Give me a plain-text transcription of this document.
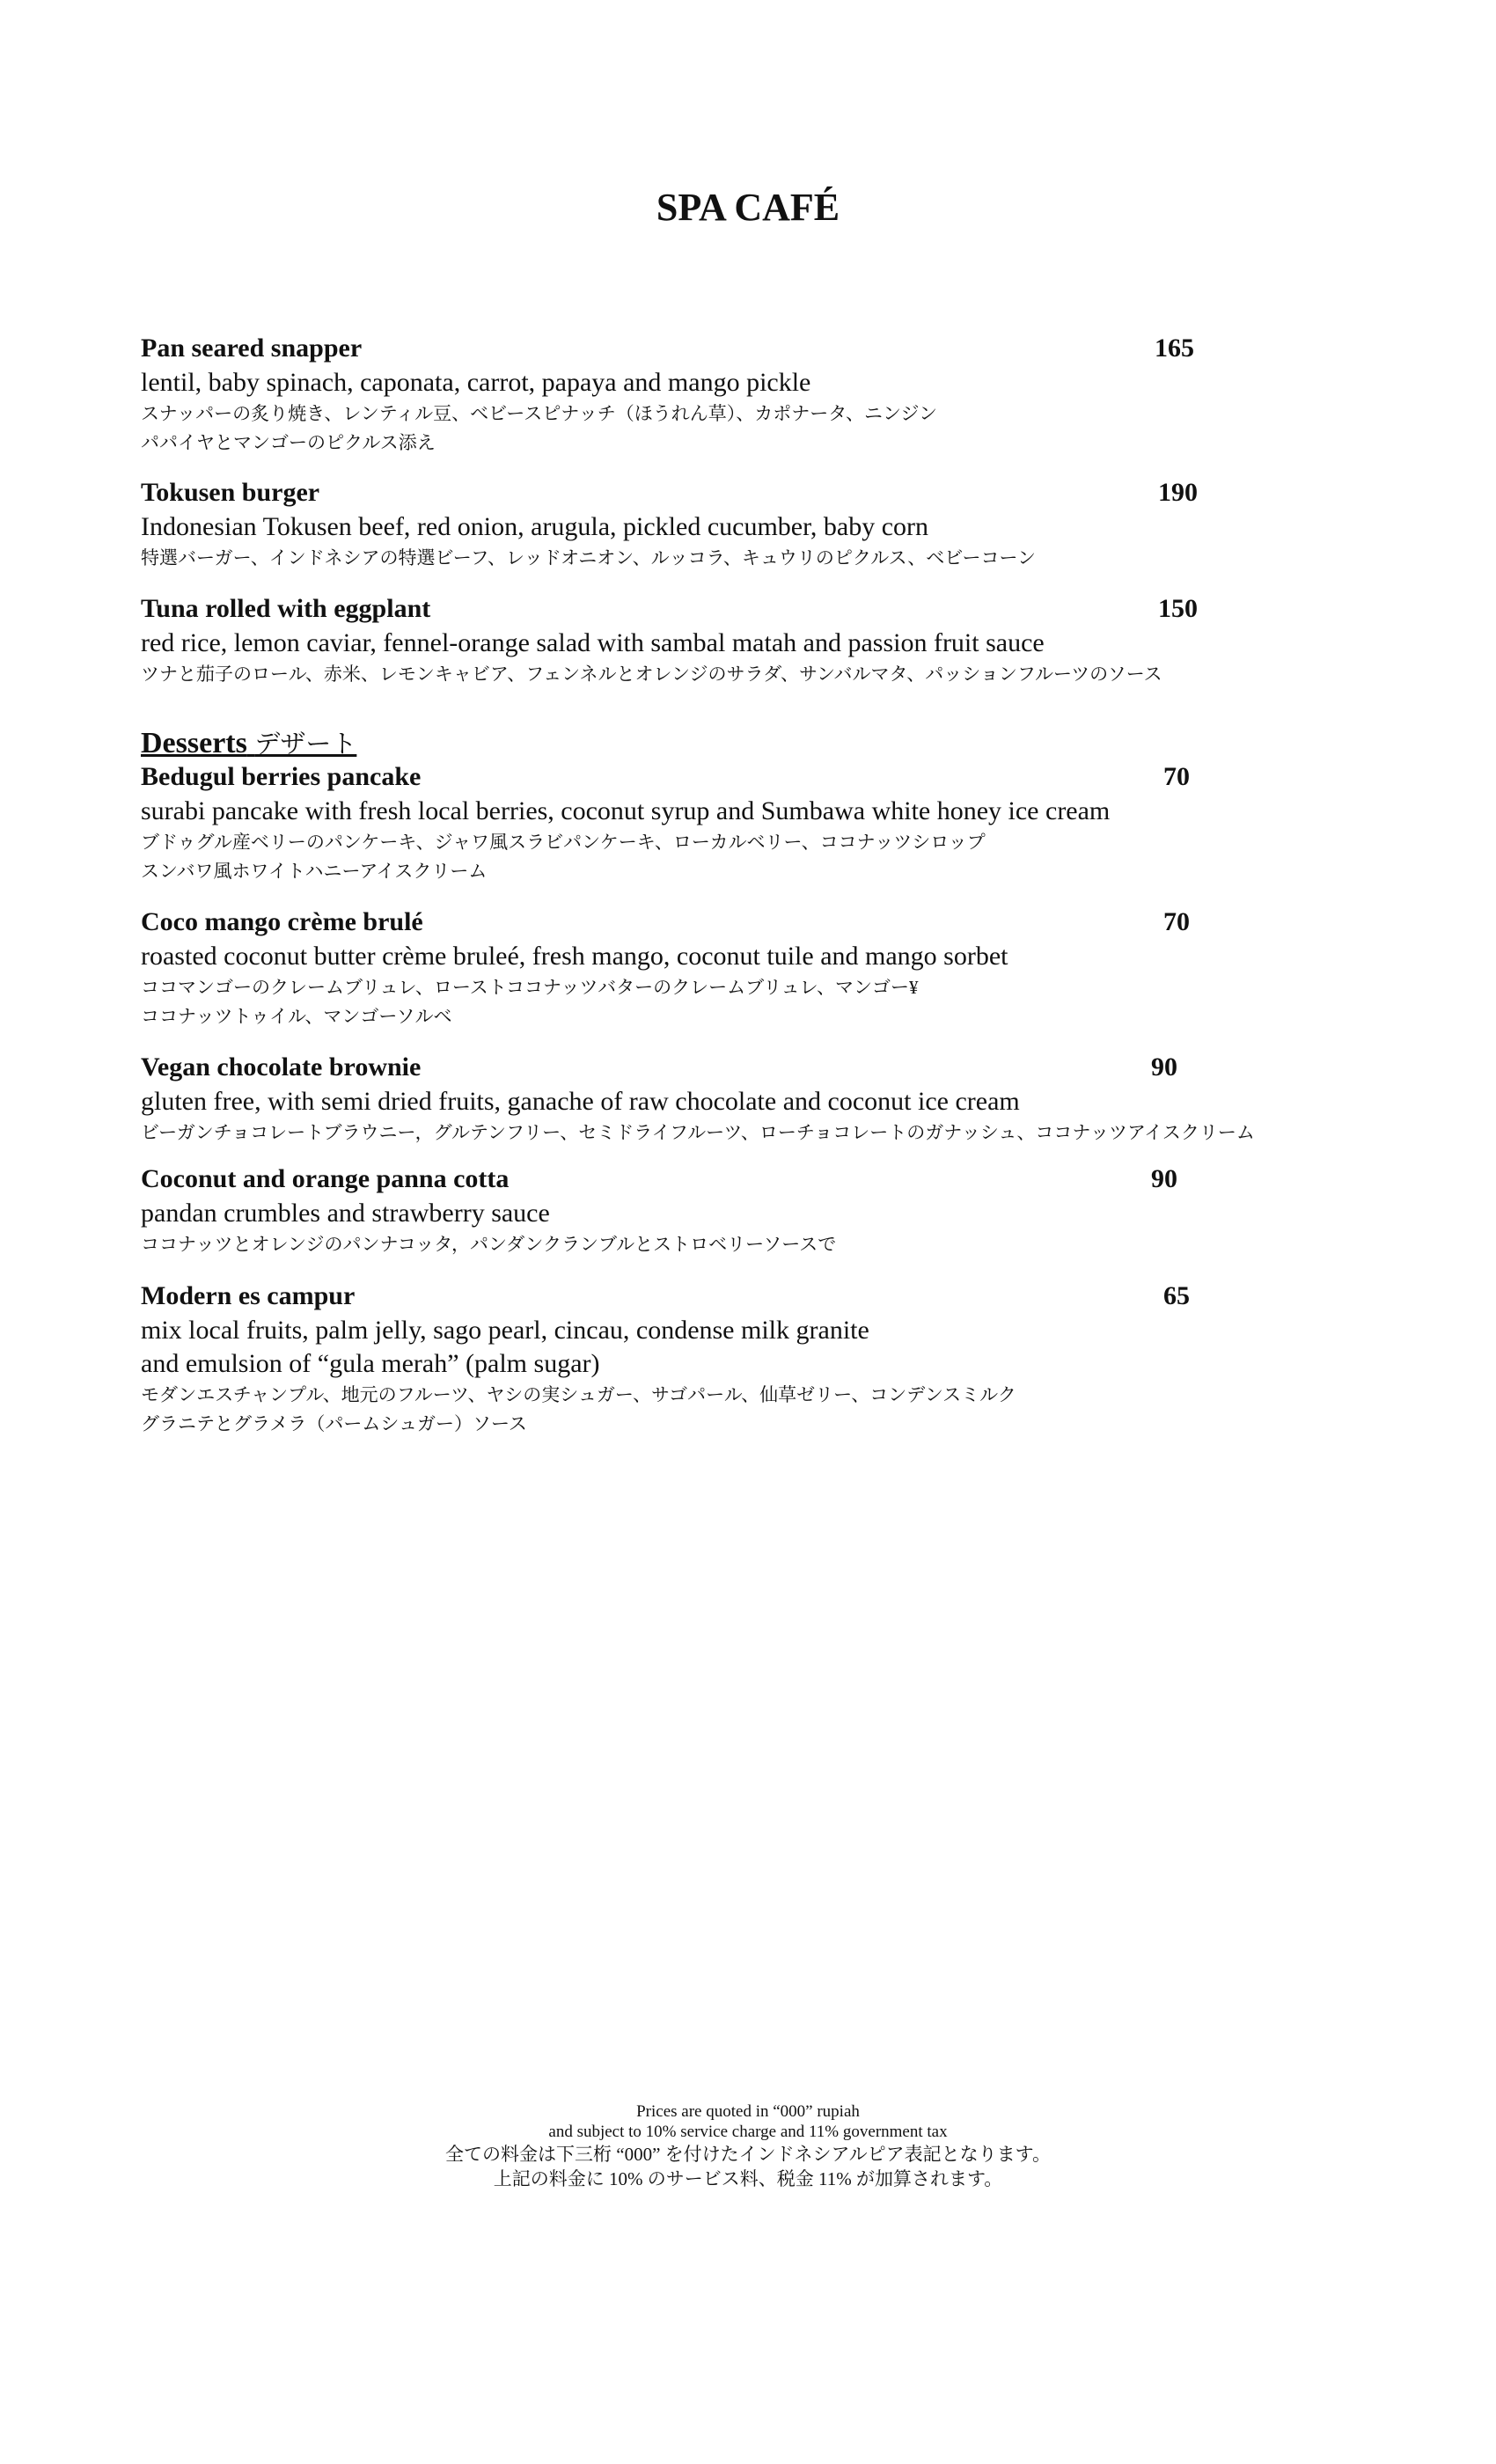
SPA CAFÉ
Pan seared snapper	165
lentil, baby spinach, caponata, carrot, papaya and mango pickle
スナッパーの炙り焼き、レンティル豆、ベビースピナッチ（ほうれん草）、カポナータ、ニンジン
パパイヤとマンゴーのピクルス添え
Tokusen burger	190
Indonesian Tokusen beef, red onion, arugula, pickled cucumber, baby corn
特選バーガー、インドネシアの特選ビーフ、レッドオニオン、ルッコラ、キュウリのピクルス、ベビーコーン
Tuna rolled with eggplant	150
red rice, lemon caviar, fennel-orange salad with sambal matah and passion fruit sauce
ツナと茄子のロール、赤米、レモンキャビア、フェンネルとオレンジのサラダ、サンバルマタ、パッションフルーツのソース
Desserts デザート
Bedugul berries pancake	70
surabi pancake with fresh local berries, coconut syrup and Sumbawa white honey ice cream
ブドゥグル産ベリーのパンケーキ、ジャワ風スラビパンケーキ、ローカルベリー、ココナッツシロップ
スンバワ風ホワイトハニーアイスクリーム
Coco mango crème brulé	70
roasted coconut butter crème bruleé, fresh mango, coconut tuile and mango sorbet
ココマンゴーのクレームブリュレ、ローストココナッツバターのクレームブリュレ、マンゴー¥
ココナッツトゥイル、マンゴーソルベ
Vegan chocolate brownie	90
gluten free, with semi dried fruits, ganache of raw chocolate and coconut ice cream
ビーガンチョコレートブラウニー，グルテンフリー、セミドライフルーツ、ローチョコレートのガナッシュ、ココナッツアイスクリーム
Coconut and orange panna cotta	90
pandan crumbles and strawberry sauce
ココナッツとオレンジのパンナコッタ，パンダンクランブルとストロベリーソースで
Modern es campur	65
mix local fruits, palm jelly, sago pearl, cincau, condense milk granite
and emulsion of “gula merah” (palm sugar)
モダンエスチャンプル、地元のフルーツ、ヤシの実シュガー、サゴパール、仙草ゼリー、コンデンスミルク
グラニテとグラメラ（パームシュガー）ソース
Prices are quoted in “000” rupiah
and subject to 10% service charge and 11% government tax
全ての料金は下三桁 “000” を付けたインドネシアルピア表記となります。
上記の料金に 10% のサービス料、税金 11% が加算されます。
